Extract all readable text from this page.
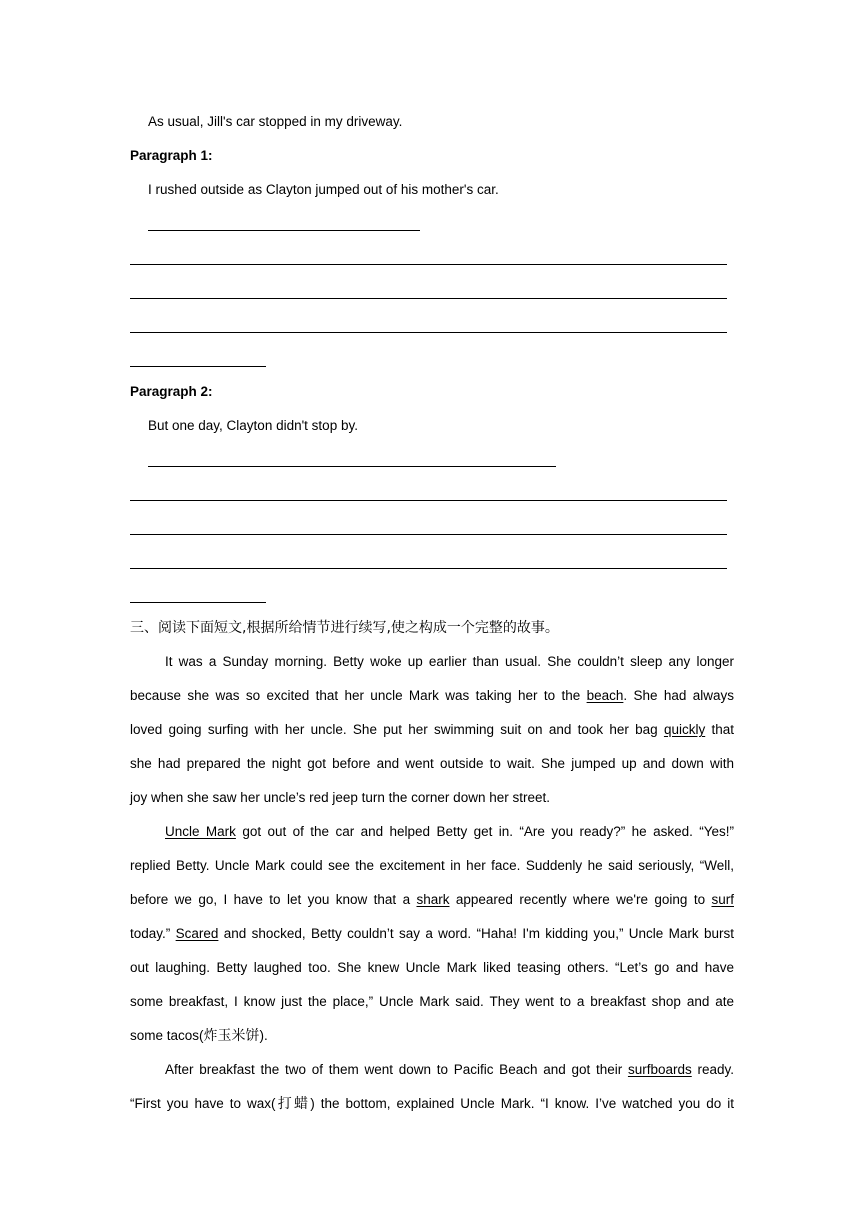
As usual, Jill's car stopped in my driveway.
Paragraph 1:
I rushed outside as Clayton jumped out of his mother's car.
Paragraph 2:
But one day, Clayton didn't stop by.
三、阅读下面短文,根据所给情节进行续写,使之构成一个完整的故事。
It was a Sunday morning. Betty woke up earlier than usual. She couldn’t sleep any longer
because she was so excited that her uncle Mark was taking her to the beach. She had always
loved going surfing with her uncle. She put her swimming suit on and took her bag quickly that
she had prepared the night got before and went outside to wait. She jumped up and down with
joy when she saw her uncle’s red jeep turn the corner down her street.
Uncle Mark got out of the car and helped Betty get in. “Are you ready?” he asked. “Yes!”
replied Betty. Uncle Mark could see the excitement in her face. Suddenly he said seriously, “Well,
before we go, I have to let you know that a shark appeared recently where we're going to surf
today.” Scared and shocked, Betty couldn’t say a word. “Haha! I'm kidding you,” Uncle Mark burst
out laughing. Betty laughed too. She knew Uncle Mark liked teasing others. “Let’s go and have
some breakfast, I know just the place,” Uncle Mark said. They went to a breakfast shop and ate
some tacos(炸玉米饼).
After breakfast the two of them went down to Pacific Beach and got their surfboards ready.
“First you have to wax(打蜡) the bottom, explained Uncle Mark. “I know. I’ve watched you do it
